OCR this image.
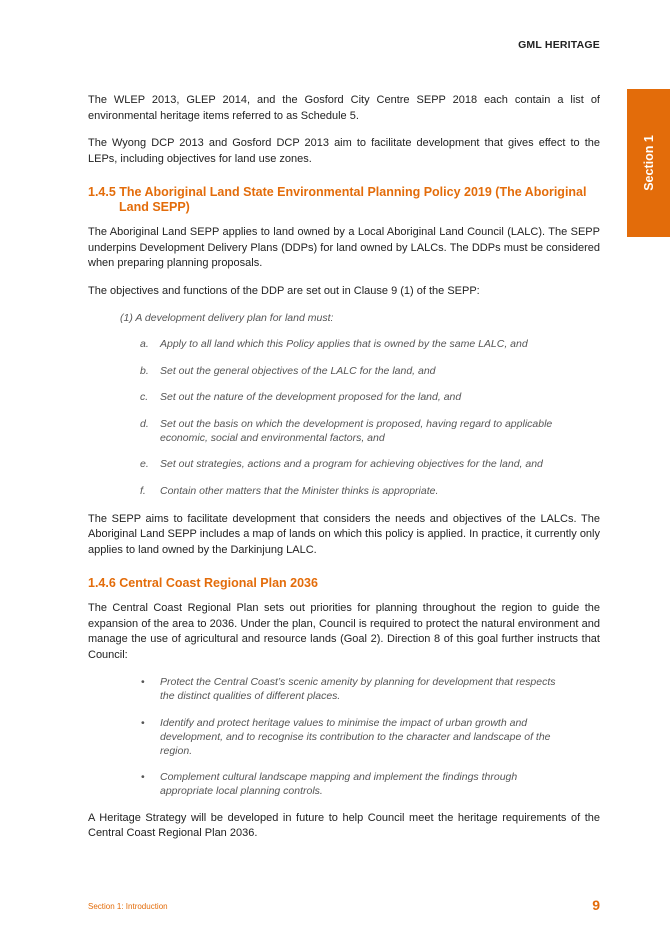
GML HERITAGE
Section 1

The WLEP 2013, GLEP 2014, and the Gosford City Centre SEPP 2018 each contain a list of environmental heritage items referred to as Schedule 5.

The Wyong DCP 2013 and Gosford DCP 2013 aim to facilitate development that gives effect to the LEPs, including objectives for land use zones.

1.4.5 The Aboriginal Land State Environmental Planning Policy 2019 (The Aboriginal Land SEPP)

The Aboriginal Land SEPP applies to land owned by a Local Aboriginal Land Council (LALC). The SEPP underpins Development Delivery Plans (DDPs) for land owned by LALCs. The DDPs must be considered when preparing planning proposals.

The objectives and functions of the DDP are set out in Clause 9 (1) of the SEPP:

(1) A development delivery plan for land must:
a. Apply to all land which this Policy applies that is owned by the same LALC, and
b. Set out the general objectives of the LALC for the land, and
c. Set out the nature of the development proposed for the land, and
d. Set out the basis on which the development is proposed, having regard to applicable economic, social and environmental factors, and
e. Set out strategies, actions and a program for achieving objectives for the land, and
f. Contain other matters that the Minister thinks is appropriate.

The SEPP aims to facilitate development that considers the needs and objectives of the LALCs. The Aboriginal Land SEPP includes a map of lands on which this policy is applied. In practice, it currently only applies to land owned by the Darkinjung LALC.

1.4.6 Central Coast Regional Plan 2036

The Central Coast Regional Plan sets out priorities for planning throughout the region to guide the expansion of the area to 2036. Under the plan, Council is required to protect the natural environment and manage the use of agricultural and resource lands (Goal 2). Direction 8 of this goal further instructs that Council:

• Protect the Central Coast’s scenic amenity by planning for development that respects the distinct qualities of different places.
• Identify and protect heritage values to minimise the impact of urban growth and development, and to recognise its contribution to the character and landscape of the region.
• Complement cultural landscape mapping and implement the findings through appropriate local planning controls.

A Heritage Strategy will be developed in future to help Council meet the heritage requirements of the Central Coast Regional Plan 2036.

Section 1: Introduction	9
